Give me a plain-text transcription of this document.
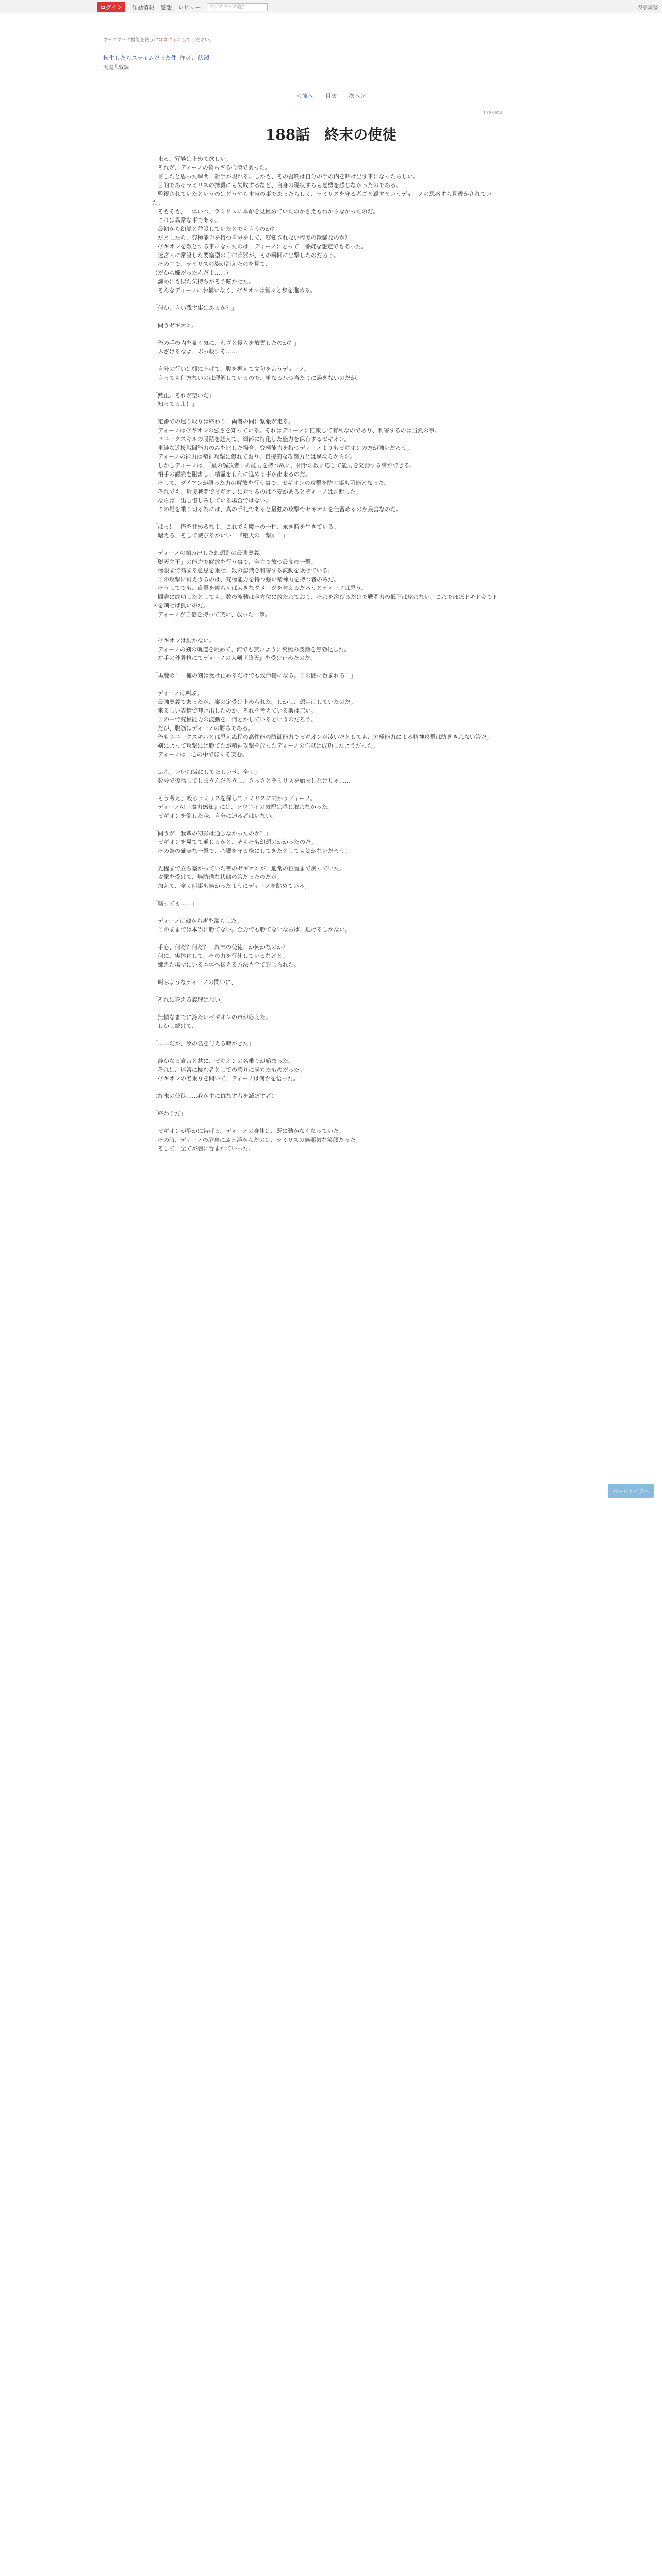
ログイン	作品情報 感想 レビュー	ブックマーク追加	表示調整
ブックマーク機能を使うにはログインしてください。
転生したらスライムだった件 作者： 伏瀬
天魔大戦編
＜前へ 目次 次へ＞
178/304
188話　終末の使徒

　来る。冗談は止めて欲しい。

　それが、ディーノの偽らざる心情であった。

　首したと思った瞬間、新手が現れる。しかも、その召喚は自分の手の内を晒け出す事になったらしい。

　目的であるラミリスの抹殺にも失敗するなど、自身の現状すらも危機を感じなかったのである。

　監視されていたというのはどうやら本当の事であったらしく、ラミリスを守る者ごと殺すというディーノの思惑すら見透かされていた。

　そもそも、一体いつ、ラミリスに本命を見極めていたのかさえもわからなかったのだ。

　これは異常な事である。

　最初から幻覚と並設していたとでも言うのか？

　だとしたら、究極能力を持つ自分をして、察知されない程度の欺瞞なのか？

　ゼギオンを敵とする事になったのは、ディーノにとって一番嫌な想定でもあった。

　迷宮内に常設した要塞型の自律兵器が、その瞬間に出撃したのだろう。

　その中で、ラミリスの姿が消えたのを見て、

（だから嫌だったんだよ……）

　諦めにも似た気持ちがそう呟かせた。

　そんなディーノにお構いなく、ゼギオンは堂々と歩を進める。

「何か、言い残す事はあるか？」

　問うゼギオン。

「俺の手の内を暴く気に、わざと侵入を放置したのか？」

　ふざけるなよ、ぶっ殺すぞ……

　自分の行いは棚に上げて、腹を据えて文句を言うディーノ。

　言っても仕方ないのは理解しているので、単なる八つ当たりに過ぎないのだが。

「黙止。それが望いだ」

「知ってるよ！」

　定番での遣り取りは終わり、両者の間に緊張が走る。

　ディーノはゼギオンの強さを知っている。それはディーノに匹敵して有利なのであり、利害するのは当然の事。

　ユニークスキルの段階を超えて、細部に特化した能力を保有するゼギオン。

　単純な近接戦闘能力のみを比した場合、究極能力を持つディーノよりもゼギオンの方が強いだろう。

　ディーノの能力は精神攻撃に優れており、直接的な攻撃力とは異なるからだ。

　しかしディーノは、「星の解放者」の能力を持つ故に、相手の数に応じて能力を発動する事ができる。

　相手の認識を阻害し、精霊を有利に進める事が出来るのだ。

　そして、ダイアンが語った力の解放を行う事で、ゼギオンの攻撃を防ぐ事も可能となった。

　それでも、近接戦闘でゼギオンに対するのは不安があるとディーノは判断した。

　ならば、出し惜しみしている場合ではない。

　この場を乗り切る為には、真の手札であると最強の攻撃でゼギオンを仕留めるのが最善なのだ。

「はっ！　俺を甘めるなよ。これでも魔王の一柱、永き時を生きている。

　曙えろ、そして滅びるがいい！『堕天の一撃』！」

　ディーノの編み出した幻想剣の最強奥義。

「堕天之王」の能力で解放を行う事で、全力で放つ最高の一撃。

　極限まで高まる意思を乗せ、数の認識を利害する波動を乗せている。

　この攻撃に耐えうるのは、究極能力を持つ強い精神力を持つ者のみだ。

　そうしてでも、直撃を喰らえば大きなダメージを与えるだろうとディーノは思う。

　回避に成功したとしても、数の波動は全方位に放たれており、それを浴びるだけで戦闘力の低下は免れない。これでほぼドキドキでトメを刺せば良いのだ。

　ディーノが自信を持って笑い、放った一撃。

　ゼギオンは動かない。

　ディーノの剣の軌道を眺めて、何でも無いように究極の波動を無効化した。

　左手の外骨格にてディーノの大剣『堕天』を受け止めたのだ。

「馬鹿め！　俺の剣は受け止めるだけでも致命傷になる。この闇に呑まれろ！」

　ディーノは叫ぶ。

　最強奥義であったが、案の定受け止められた。しかし、想定はしていたのだ。

　来るしい表情で呻き出したのか、それを考えている暇は無い。

　この中で究極能力の波動を、何とかしているというのだろう。

　だが、腹筋はディーノの勝ちである。

　俺もユニークスキルとは思えぬ程の高性能の防御能力でゼギオンが凌いだとしても、究極能力による精神攻撃は防ぎきれない筈だ。

　剣によって攻撃には勝てたが精神攻撃を放ったディーノの作戦は成功したようだった。

　ディーノは、心の中でほくそ笑む。

「ふん。いい加減にしてほしいぜ、全く」

　数分で復活してしまうんだろうし、さっさとラミリスを始末しなけりゃ……

　そう考え、殴るラミリスを探してラミリスに向かうディーノ。

　ディーノの『魔力感知』には、ソウエイの気配は感じ取れなかった。

　ゼギオンを倒した今、自分に迫る者はいない。

「問うが、我輩の幻影は通じなかったのか？」

　ゼギオンを見てて通じるかと、そもそも幻想のかかったのだ。

　その為の確実な一撃で、心臓を守る様にしてきたとしても効かないだろう。

　先程まで立ち塞がっていた筈のゼギオンが、通常の位置まで戻っていた。

　攻撃を受けて、無防備な状態の筈だったのだが。

　加えて、全く何事も無かったようにディーノを眺めている。

「嘘ってぇ……」

　ディーノは魂から声を漏らした。

　このままでは本当に勝てない。全力でも勝てないならば、逃げるしかない。

「手応、何だ？何だ？『終末の使徒』か何かなのか？」

　何に、実体化して、その力を行使しているなどと。

　嫌えた場所にいる本体へ伝える方法も全て封じられた。

　叫ぶようなディーノの問いに、

「それに答える義理はない」

　無情なまでに冷たいゼギオンの声が応えた。

　しかし続けて、

「……だが、汝の名を与える時がきた」

　静かなる宣言と共に、ゼギオンの名乗りが始まった。

　それは、迷宮に棲む者としての誇りに満ちたものだった。

　ゼギオンの名乗りを聞いて、ディーノは何かを悟った。

（終末の使徒……我が主に仇なす者を滅ぼす者）

「終わりだ」

　ゼギオンが静かに告げる。ディーノの身体は、既に動かなくなっていた。

　その時、ディーノの脳裏にふと浮かんだのは、ラミリスの無邪気な笑顔だった。

　そして、全てが闇に呑まれていった。

ページトップへ
